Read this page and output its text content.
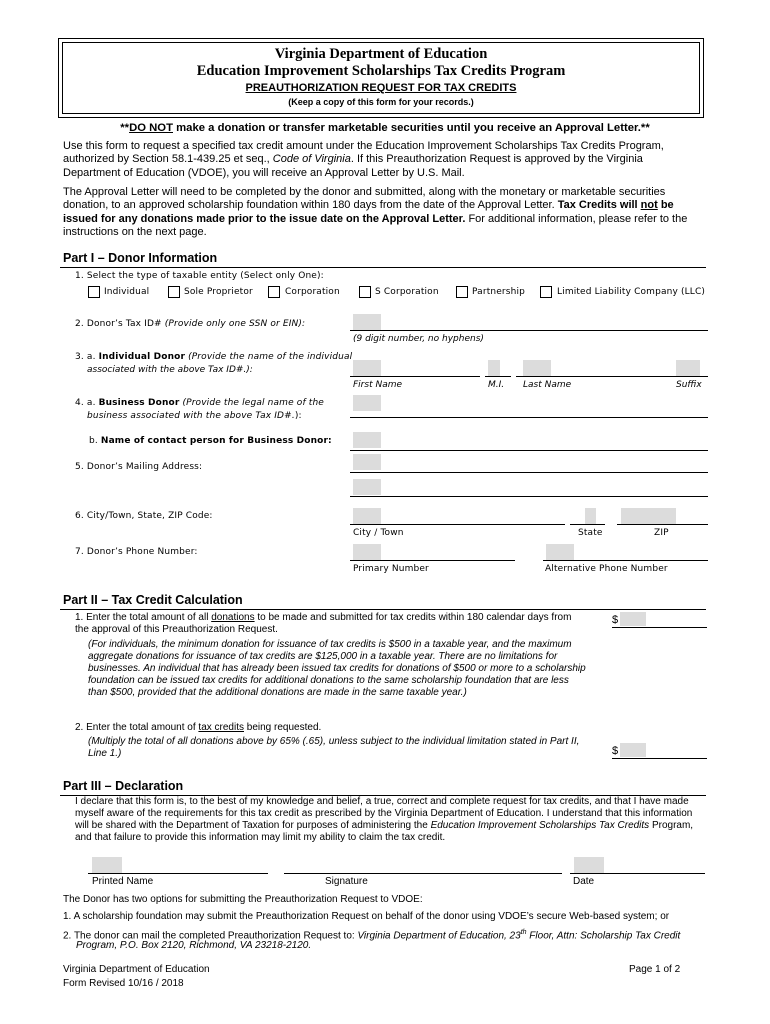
Virginia Department of Education
Education Improvement Scholarships Tax Credits Program
PREAUTHORIZATION REQUEST FOR TAX CREDITS
(Keep a copy of this form for your records.)
**DO NOT make a donation or transfer marketable securities until you receive an Approval Letter.**
Use this form to request a specified tax credit amount under the Education Improvement Scholarships Tax Credits Program, authorized by Section 58.1-439.25 et seq., Code of Virginia. If this Preauthorization Request is approved by the Virginia Department of Education (VDOE), you will receive an Approval Letter by U.S. Mail.
The Approval Letter will need to be completed by the donor and submitted, along with the monetary or marketable securities donation, to an approved scholarship foundation within 180 days from the date of the Approval Letter. Tax Credits will not be issued for any donations made prior to the issue date on the Approval Letter. For additional information, please refer to the instructions on the next page.
Part I – Donor Information
1. Select the type of taxable entity (Select only One):
Individual	Sole Proprietor	Corporation	S Corporation	Partnership	Limited Liability Company (LLC)
2. Donor’s Tax ID# (Provide only one SSN or EIN):
(9 digit number, no hyphens)
3. a. Individual Donor (Provide the name of the individual
associated with the above Tax ID#.):
First Name	M.I. Last Name	Suffix
4. a. Business Donor (Provide the legal name of the
business associated with the above Tax ID#.):
b. Name of contact person for Business Donor:
5. Donor’s Mailing Address:
6. City/Town, State, ZIP Code:
City / Town	State	ZIP
7. Donor’s Phone Number:
Primary Number	Alternative Phone Number
Part II – Tax Credit Calculation
1. Enter the total amount of all donations to be made and submitted for tax credits within 180 calendar days from the approval of this Preauthorization Request.
$
(For individuals, the minimum donation for issuance of tax credits is $500 in a taxable year, and the maximum aggregate donations for issuance of tax credits are $125,000 in a taxable year. There are no limitations for businesses. An individual that has already been issued tax credits for donations of $500 or more to a scholarship foundation can be issued tax credits for additional donations to the same scholarship foundation that are less than $500, provided that the additional donations are made in the same taxable year.)
2. Enter the total amount of tax credits being requested.
(Multiply the total of all donations above by 65% (.65), unless subject to the individual limitation stated in Part II, Line 1.)	$
Part III – Declaration
I declare that this form is, to the best of my knowledge and belief, a true, correct and complete request for tax credits, and that I have made myself aware of the requirements for this tax credit as prescribed by the Virginia Department of Education. I understand that this information will be shared with the Department of Taxation for purposes of administering the Education Improvement Scholarships Tax Credits Program, and that failure to provide this information may limit my ability to claim the tax credit.
Printed Name	Signature	Date
The Donor has two options for submitting the Preauthorization Request to VDOE:
1. A scholarship foundation may submit the Preauthorization Request on behalf of the donor using VDOE’s secure Web-based system; or
2. The donor can mail the completed Preauthorization Request to: Virginia Department of Education, 23th Floor, Attn: Scholarship Tax Credit
Program, P.O. Box 2120, Richmond, VA 23218-2120.
Virginia Department of Education
Form Revised 10/16 / 2018
Page 1 of 2
